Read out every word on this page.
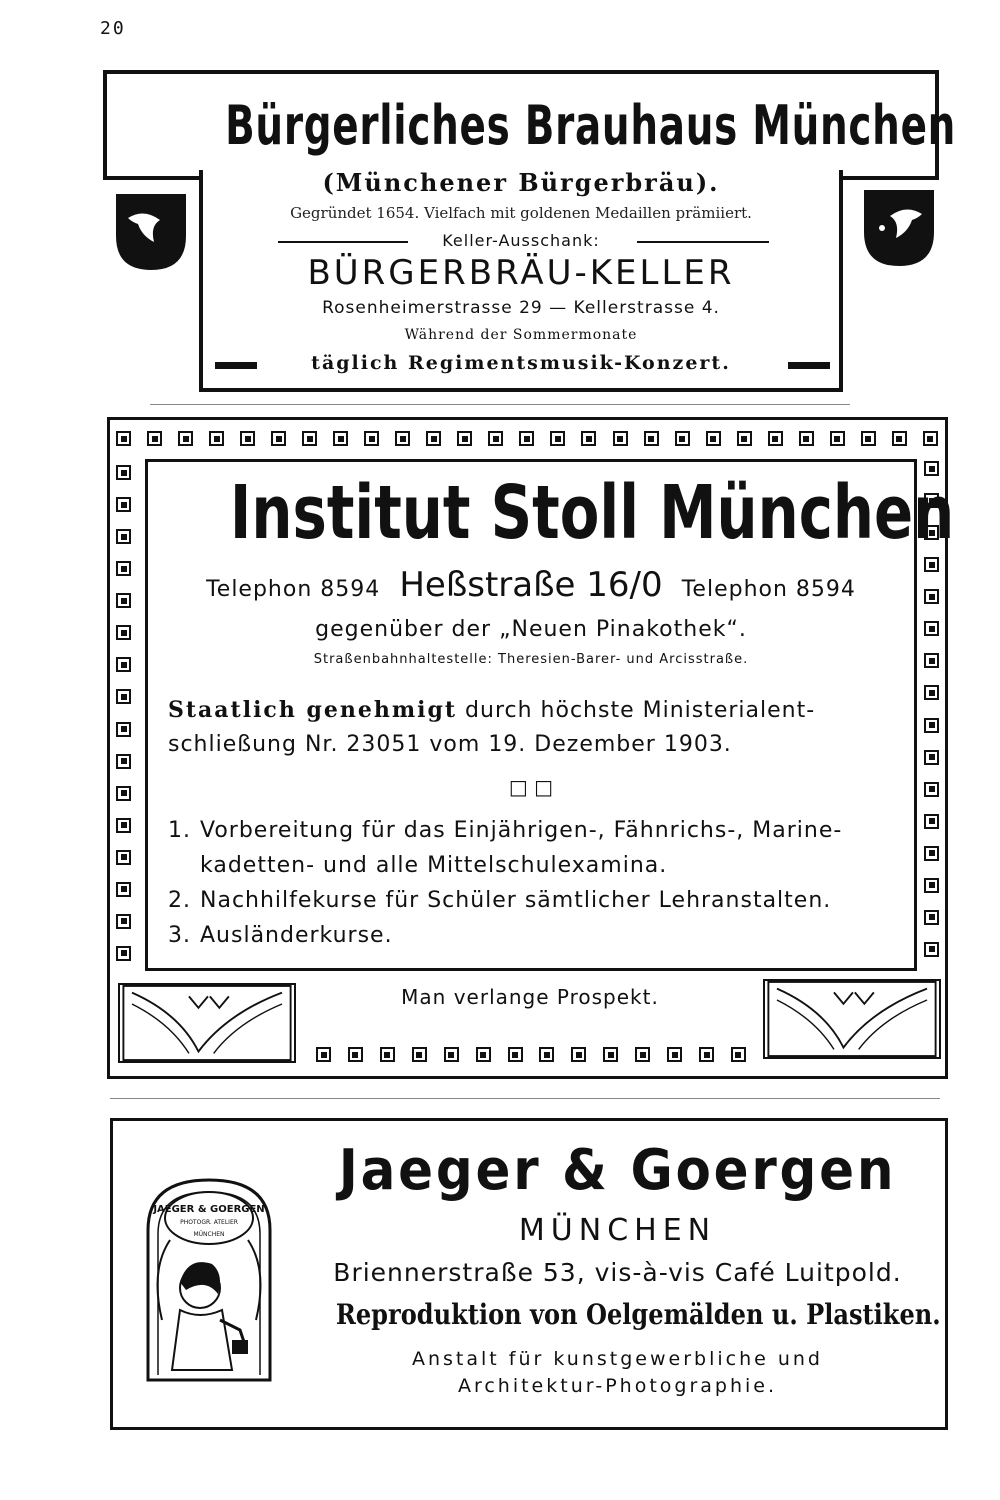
20
Bürgerliches Brauhaus München
(Münchener Bürgerbräu).
Gegründet 1654. Vielfach mit goldenen Medaillen prämiiert.
Keller-Ausschank:
BÜRGERBRÄU-KELLER
Rosenheimerstrasse 29 — Kellerstrasse 4.
Während der Sommermonate
täglich Regimentsmusik-Konzert.
Institut Stoll München
Telephon 8594 Heßstraße 16/0 Telephon 8594
gegenüber der „Neuen Pinakothek“.
Straßenbahnhaltestelle: Theresien-Barer- und Arcisstraße.
Staatlich genehmigt durch höchste Ministerialent-schließung Nr. 23051 vom 19. Dezember 1903.
□ □
1. Vorbereitung für das Einjährigen-, Fähnrichs-, Marine-kadetten- und alle Mittelschulexamina.
2. Nachhilfekurse für Schüler sämtlicher Lehranstalten.
3. Ausländerkurse.
Man verlange Prospekt.
JAEGER & GOERGEN
PHOTOGR. ATELIER
MÜNCHEN
Jaeger & Goergen
MÜNCHEN
Briennerstraße 53, vis-à-vis Café Luitpold.
Reproduktion von Oelgemälden u. Plastiken.
Anstalt für kunstgewerbliche und
Architektur-Photographie.
